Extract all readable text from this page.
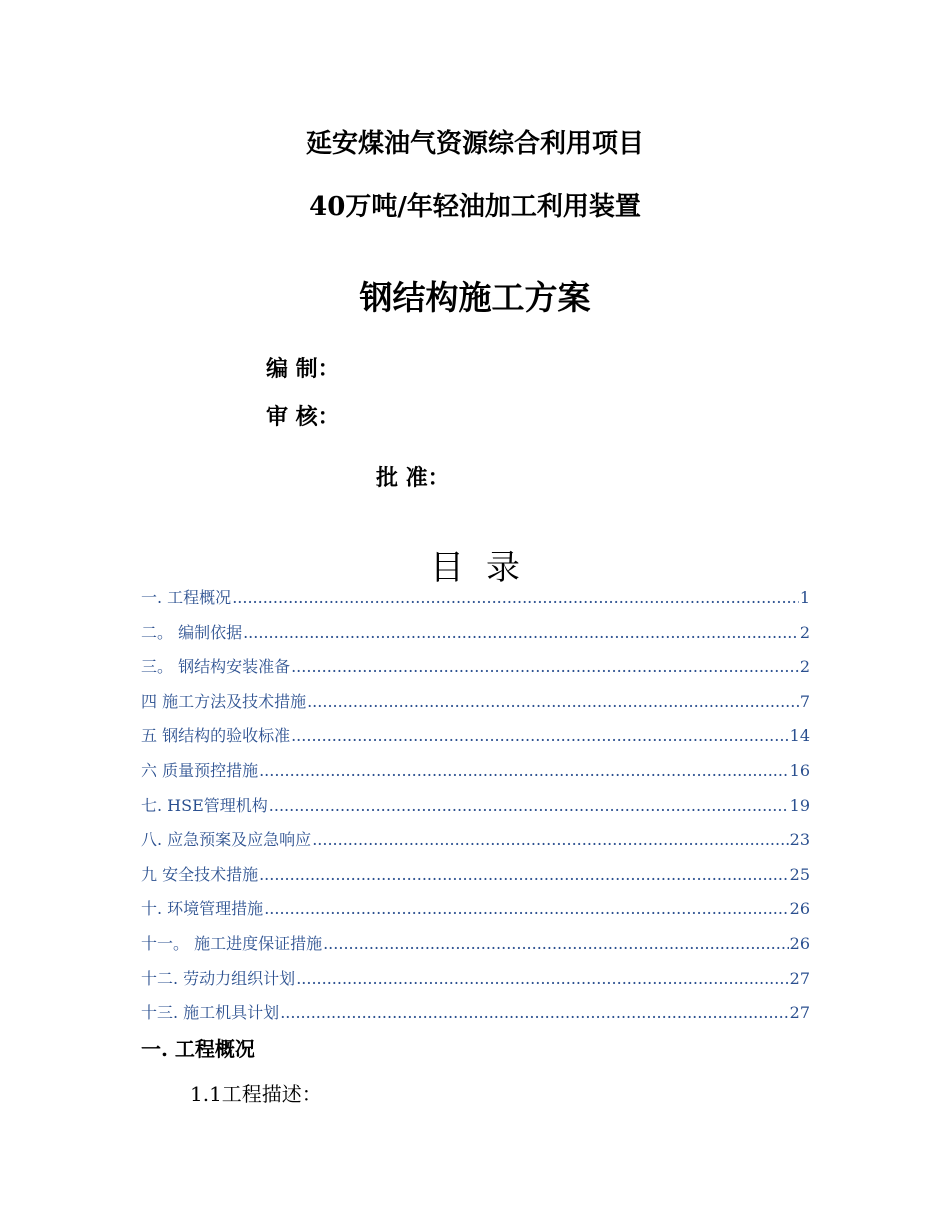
延安煤油气资源综合利用项目
40万吨/年轻油加工利用装置
钢结构施工方案
编 制：
审 核：
批 准：
目录
一. 工程概况 .....	1
二。 编制依据 .....	2
三。 钢结构安装准备 .....	2
四 施工方法及技术措施 .....	7
五 钢结构的验收标准 .....	14
六 质量预控措施 .....	16
七. HSE管理机构 .....	19
八. 应急预案及应急响应 .....	23
九 安全技术措施 .....	25
十. 环境管理措施 .....	26
十一。 施工进度保证措施 .....	26
十二. 劳动力组织计划 .....	27
十三. 施工机具计划 .....	27
一. 工程概况
1.1工程描述：
